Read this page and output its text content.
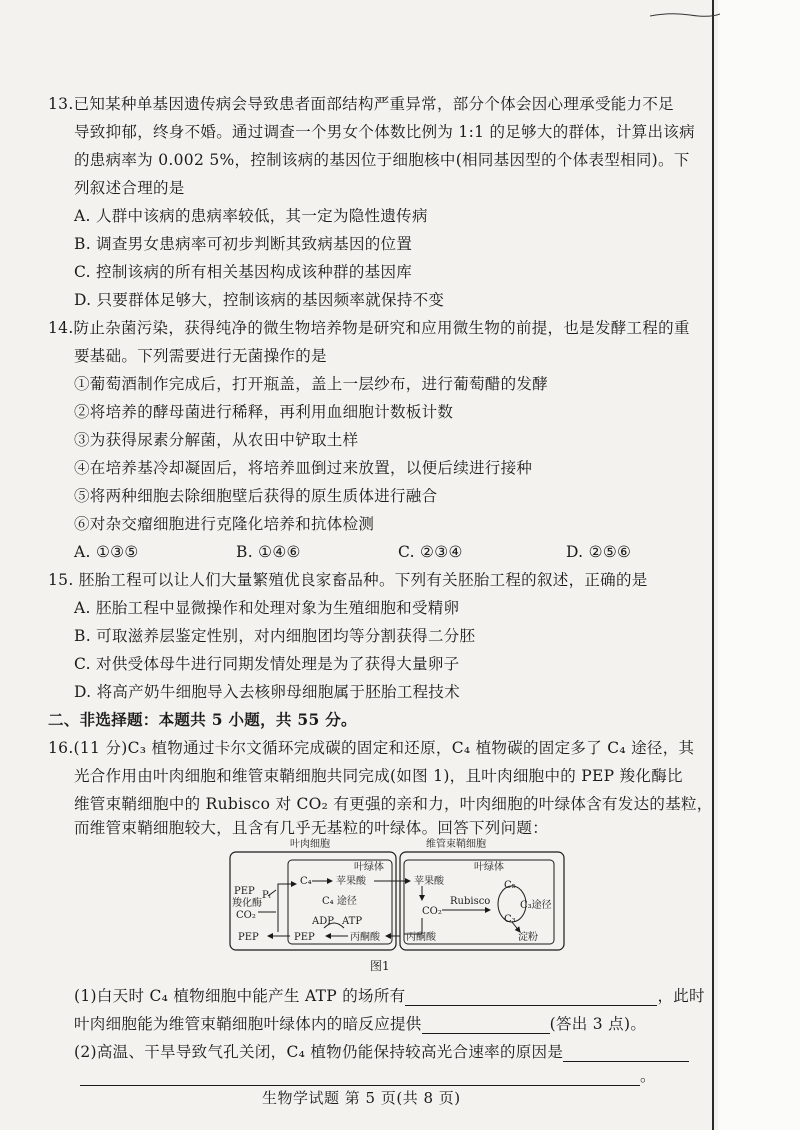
13.已知某种单基因遗传病会导致患者面部结构严重异常，部分个体会因心理承受能力不足
导致抑郁，终身不婚。通过调查一个男女个体数比例为 1:1 的足够大的群体，计算出该病
的患病率为 0.002 5%，控制该病的基因位于细胞核中(相同基因型的个体表型相同)。下
列叙述合理的是
A. 人群中该病的患病率较低，其一定为隐性遗传病
B. 调查男女患病率可初步判断其致病基因的位置
C. 控制该病的所有相关基因构成该种群的基因库
D. 只要群体足够大，控制该病的基因频率就保持不变
14.防止杂菌污染，获得纯净的微生物培养物是研究和应用微生物的前提，也是发酵工程的重
要基础。下列需要进行无菌操作的是
①葡萄酒制作完成后，打开瓶盖，盖上一层纱布，进行葡萄醋的发酵
②将培养的酵母菌进行稀释，再利用血细胞计数板计数
③为获得尿素分解菌，从农田中铲取土样
④在培养基冷却凝固后，将培养皿倒过来放置，以便后续进行接种
⑤将两种细胞去除细胞壁后获得的原生质体进行融合
⑥对杂交瘤细胞进行克隆化培养和抗体检测
A. ①③⑤	B. ①④⑥	C. ②③④	D. ②⑤⑥
15. 胚胎工程可以让人们大量繁殖优良家畜品种。下列有关胚胎工程的叙述，正确的是
A. 胚胎工程中显微操作和处理对象为生殖细胞和受精卵
B. 可取滋养层鉴定性别，对内细胞团均等分割获得二分胚
C. 对供受体母牛进行同期发情处理是为了获得大量卵子
D. 将高产奶牛细胞导入去核卵母细胞属于胚胎工程技术
二、非选择题：本题共 5 小题，共 55 分。
16.(11 分)C₃ 植物通过卡尔文循环完成碳的固定和还原，C₄ 植物碳的固定多了 C₄ 途径，其
光合作用由叶肉细胞和维管束鞘细胞共同完成(如图 1)，且叶肉细胞中的 PEP 羧化酶比
维管束鞘细胞中的 Rubisco 对 CO₂ 有更强的亲和力，叶肉细胞的叶绿体含有发达的基粒，
而维管束鞘细胞较大，且含有几乎无基粒的叶绿体。回答下列问题：
叶肉细胞	维管束鞘细胞
叶绿体	叶绿体
C₄ 苹果酸	苹果酸
C₄ 途径
PEP
羧化酶
CO₂
Pᵢ
ADP ATP
PEP	PEP	丙酮酸	丙酮酸
CO₂
Rubisco
C₅
C₃
C₃途径
淀粉
图1
(1)白天时 C₄ 植物细胞中能产生 ATP 的场所有	，此时
叶肉细胞能为维管束鞘细胞叶绿体内的暗反应提供	(答出 3 点)。
(2)高温、干旱导致气孔关闭，C₄ 植物仍能保持较高光合速率的原因是
。
生物学试题 第 5 页(共 8 页)
